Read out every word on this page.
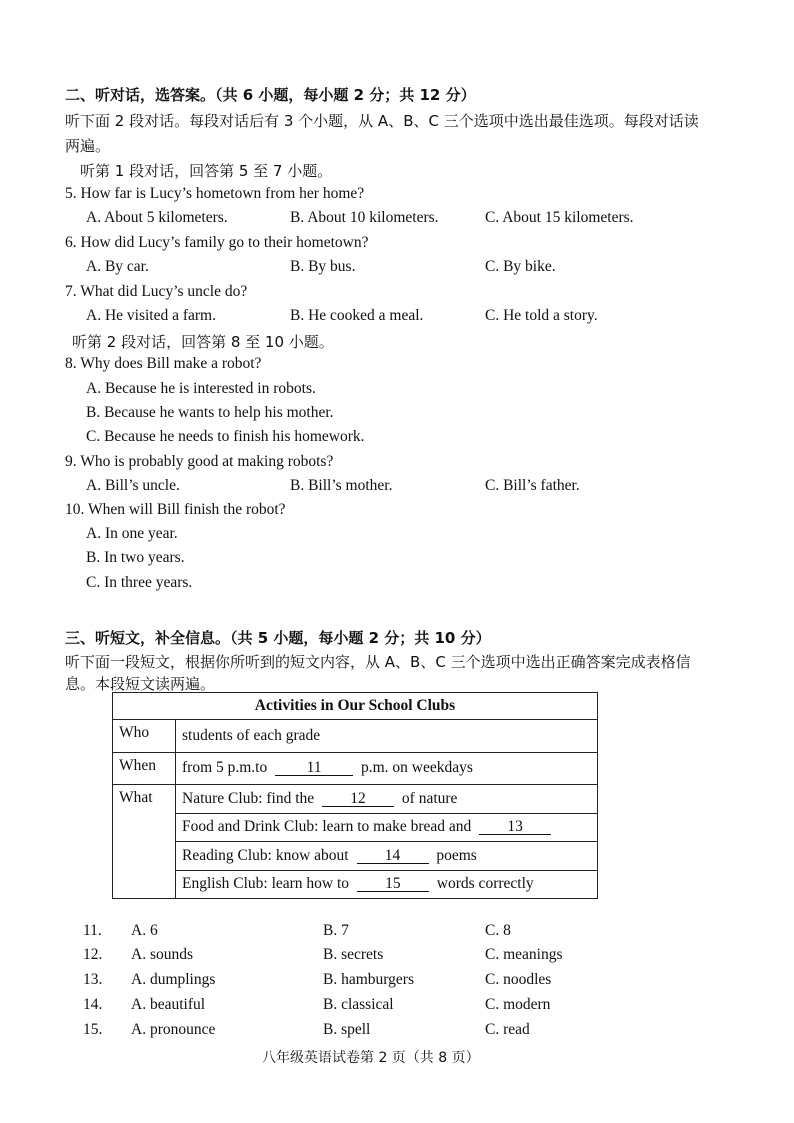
二、听对话，选答案。（共 6 小题，每小题 2 分；共 12 分）
听下面 2 段对话。每段对话后有 3 个小题，从 A、B、C 三个选项中选出最佳选项。每段对话读
两遍。
听第 1 段对话，回答第 5 至 7 小题。
5. How far is Lucy’s hometown from her home?
A. About 5 kilometers.	B. About 10 kilometers.	C. About 15 kilometers.
6. How did Lucy’s family go to their hometown?
A. By car.	B. By bus.	C. By bike.
7. What did Lucy’s uncle do?
A. He visited a farm.	B. He cooked a meal.	C. He told a story.
听第 2 段对话，回答第 8 至 10 小题。
8. Why does Bill make a robot?
A. Because he is interested in robots.
B. Because he wants to help his mother.
C. Because he needs to finish his homework.
9. Who is probably good at making robots?
A. Bill’s uncle.	B. Bill’s mother.	C. Bill’s father.
10. When will Bill finish the robot?
A. In one year.
B. In two years.
C. In three years.
三、听短文，补全信息。（共 5 小题，每小题 2 分；共 10 分）
听下面一段短文，根据你所听到的短文内容，从 A、B、C 三个选项中选出正确答案完成表格信
息。本段短文读两遍。
Activities in Our School Clubs	
Who	students of each grade
When	from 5 p.m.to 11 p.m. on weekdays
What	Nature Club: find the 12 of nature
	Food and Drink Club: learn to make bread and 13
	Reading Club: know about 14 poems
	English Club: learn how to 15 words correctly
11. A. 6	B. 7	C. 8
12. A. sounds	B. secrets	C. meanings
13. A. dumplings	B. hamburgers	C. noodles
14. A. beautiful	B. classical	C. modern
15. A. pronounce	B. spell	C. read
八年级英语试卷第 2 页（共 8 页）
